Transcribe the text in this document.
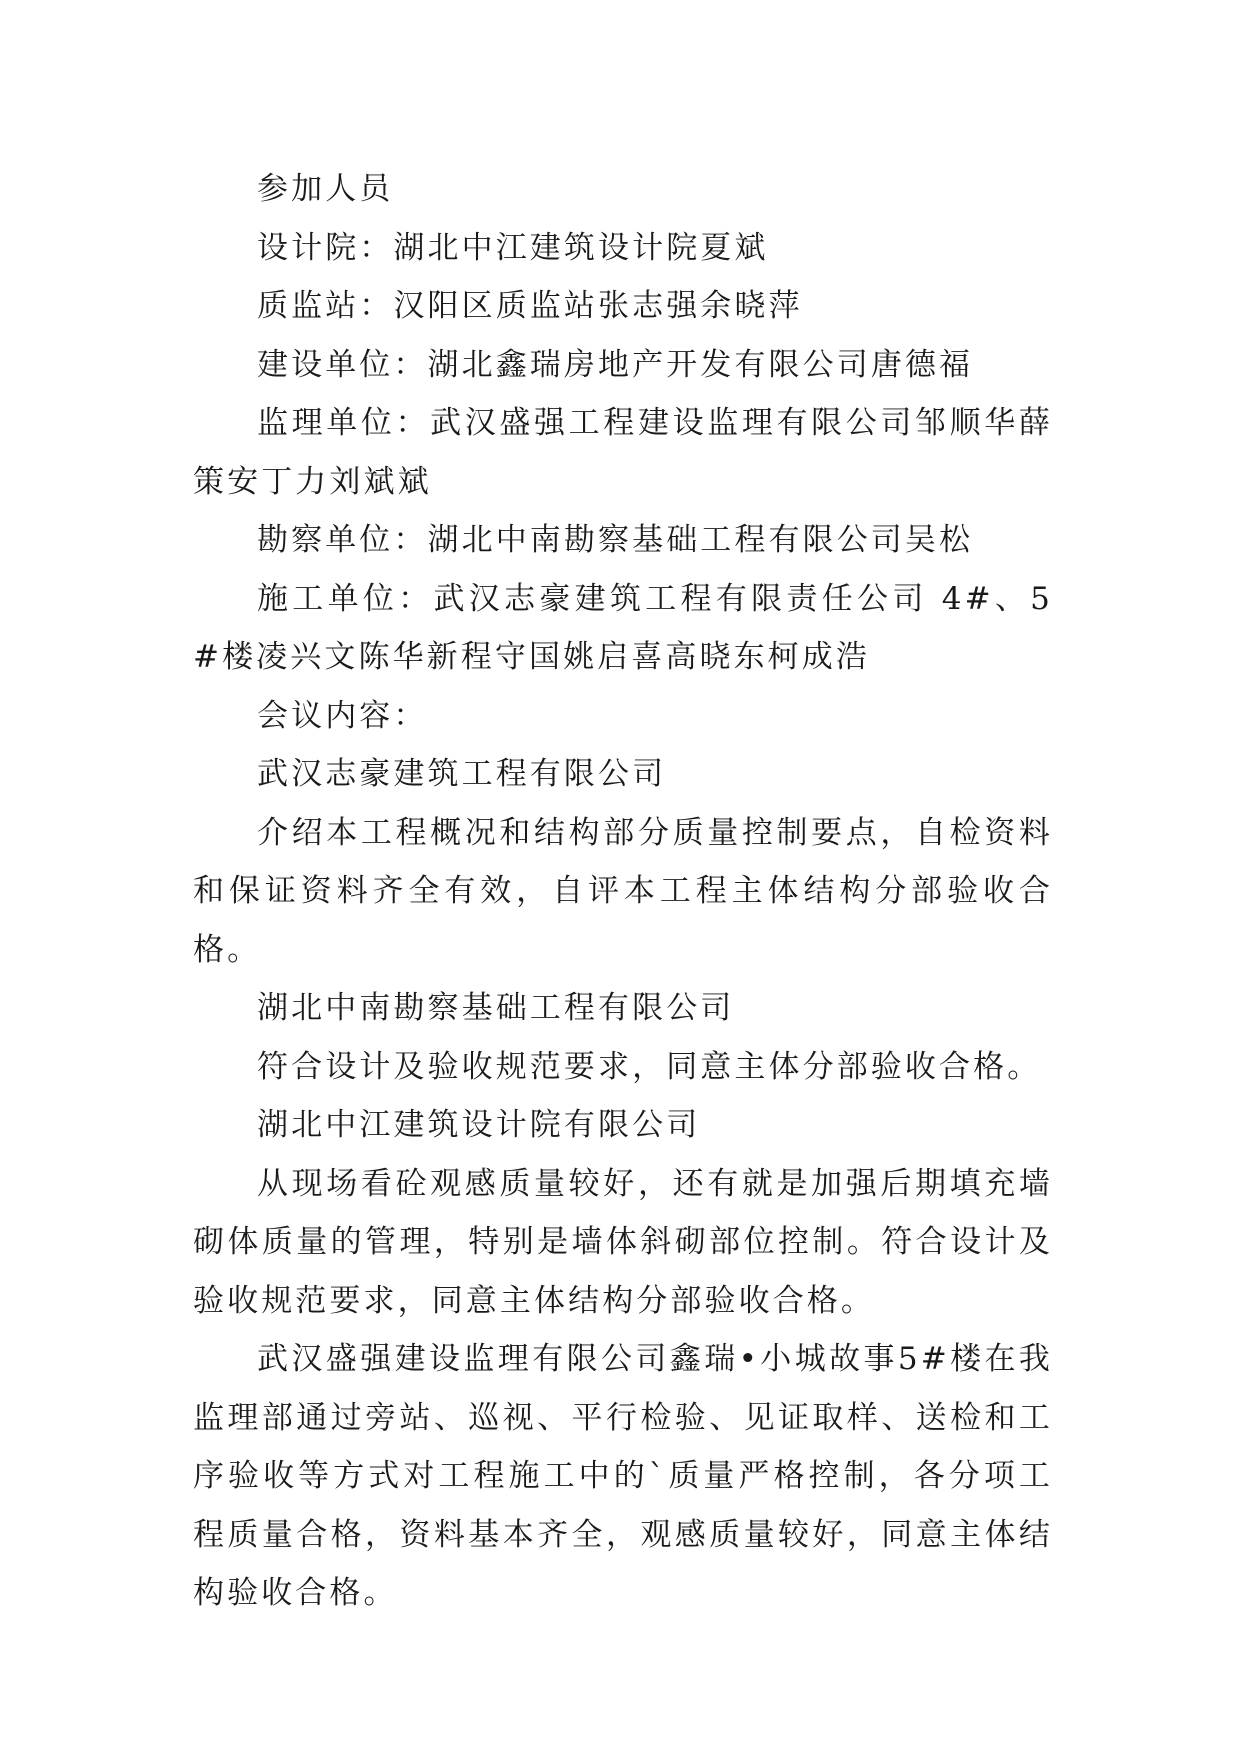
参加人员

设计院：湖北中江建筑设计院夏斌

质监站：汉阳区质监站张志强余晓萍

建设单位：湖北鑫瑞房地产开发有限公司唐德福

监理单位：武汉盛强工程建设监理有限公司邹顺华薛策安丁力刘斌斌

勘察单位：湖北中南勘察基础工程有限公司吴松

施工单位：武汉志豪建筑工程有限责任公司 4#、5#楼凌兴文陈华新程守国姚启喜高晓东柯成浩

会议内容：

武汉志豪建筑工程有限公司

介绍本工程概况和结构部分质量控制要点，自检资料和保证资料齐全有效，自评本工程主体结构分部验收合格。

湖北中南勘察基础工程有限公司

符合设计及验收规范要求，同意主体分部验收合格。

湖北中江建筑设计院有限公司

从现场看砼观感质量较好，还有就是加强后期填充墙砌体质量的管理，特别是墙体斜砌部位控制。符合设计及验收规范要求，同意主体结构分部验收合格。

武汉盛强建设监理有限公司鑫瑞•小城故事5#楼在我监理部通过旁站、巡视、平行检验、见证取样、送检和工序验收等方式对工程施工中的`质量严格控制，各分项工程质量合格，资料基本齐全，观感质量较好，同意主体结构验收合格。
